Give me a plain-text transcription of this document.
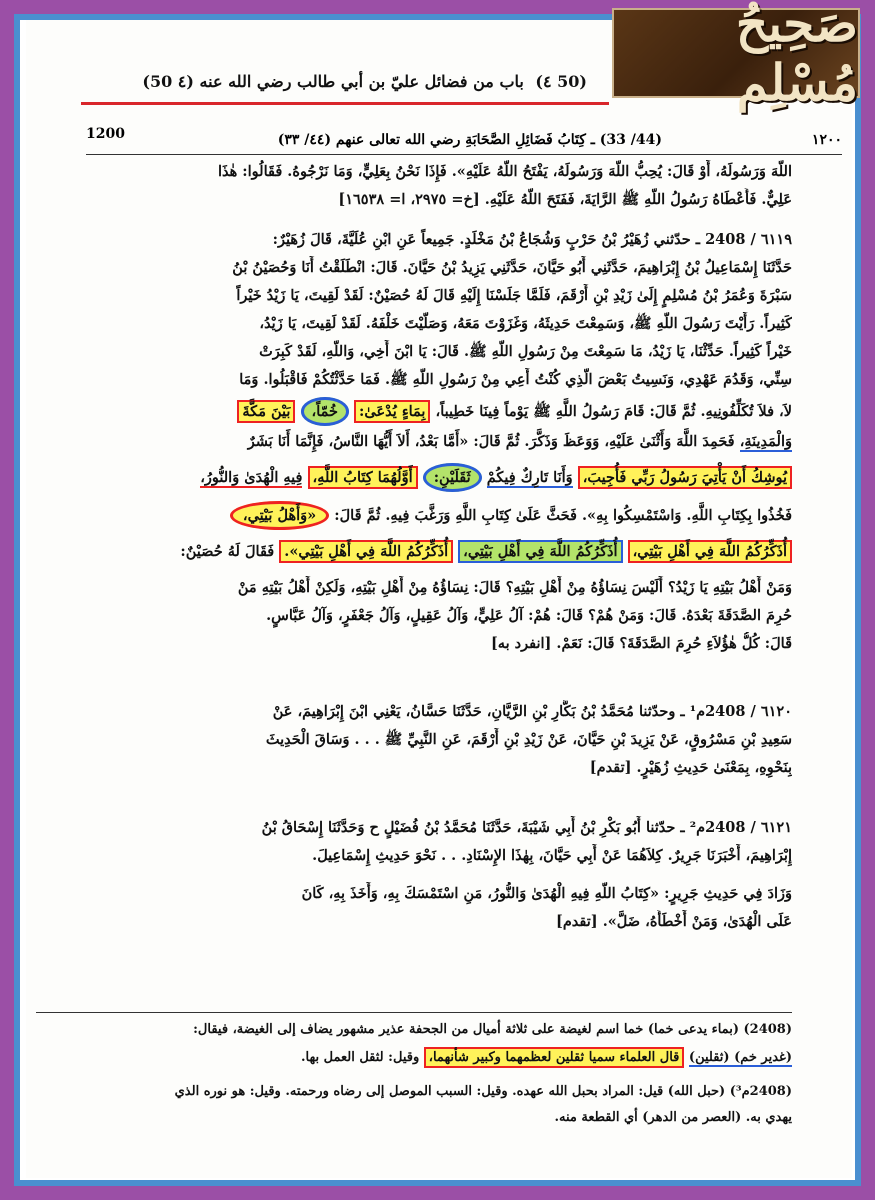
(50 ٤) باب من فضائل عليّ بن أبي طالب رضي الله عنه (٤ 50)
١٢٠٠
(44/ 33) ـ كِتَابُ فَضَائِلِ الصَّحَابَةِ رضي الله تعالى عنهم (٤٤/ ٣٣)
1200
اللَّهَ وَرَسُولَهُ، أَوْ قَالَ: يُحِبُّ اللَّهَ وَرَسُولَهُ، يَفْتَحُ اللَّهُ عَلَيْهِ». فَإِذَا نَحْنُ بِعَلِيٍّ، وَمَا نَرْجُوهُ. فَقَالُوا: هٰذَا
عَلِيٌّ. فَأَعْطَاهُ رَسُولُ اللَّهِ ﷺ الرَّايَةَ، فَفَتَحَ اللَّهُ عَلَيْهِ. [خ= ٢٩٧٥، ا= ١٦٥٣٨]
٦١١٩ / 2408 ـ حدّثني زُهَيْرُ بْنُ حَرْبٍ وَشُجَاعُ بْنُ مَخْلَدٍ. جَمِيعاً عَنِ ابْنِ عُلَيَّةَ، قَالَ زُهَيْرٌ:
حَدَّثَنَا إِسْمَاعِيلُ بْنُ إِبْرَاهِيمَ، حَدَّثَنِي أَبُو حَيَّانَ، حَدَّثَنِي يَزِيدُ بْنُ حَيَّانَ. قَالَ: انْطَلَقْتُ أَنَا وَحُصَيْنُ بْنُ
سَبْرَةَ وَعُمَرُ بْنُ مُسْلِمٍ إِلَىٰ زَيْدِ بْنِ أَرْقَمَ، فَلَمَّا جَلَسْنَا إِلَيْهِ قَالَ لَهُ حُصَيْنٌ: لَقَدْ لَقِيتَ، يَا زَيْدُ خَيْراً
كَثِيراً. رَأَيْتَ رَسُولَ اللَّهِ ﷺ، وَسَمِعْتَ حَدِيثَهُ، وَغَزَوْتَ مَعَهُ، وَصَلَّيْتَ خَلْفَهُ. لَقَدْ لَقِيتَ، يَا زَيْدُ،
خَيْراً كَثِيراً. حَدِّثْنَا، يَا زَيْدُ، مَا سَمِعْتَ مِنْ رَسُولِ اللَّهِ ﷺ. قَالَ: يَا ابْنَ أَخِي، وَاللَّهِ، لَقَدْ كَبِرَتْ
سِنِّي، وَقَدُمَ عَهْدِي، وَنَسِيتُ بَعْضَ الَّذِي كُنْتُ أَعِي مِنْ رَسُولِ اللَّهِ ﷺ. فَمَا حَدَّثْتُكُمْ فَاقْبَلُوا. وَمَا
لاَ، فلاَ تُكَلِّفُونِيهِ. ثُمَّ قَالَ: قَامَ رَسُولُ اللَّهِ ﷺ يَوْماً فِينَا خَطِيباً، بِمَاءٍ يُدْعَىٰ: خُمّاً، بَيْنَ مَكَّةَ
وَالْمَدِينَةِ، فَحَمِدَ اللَّهَ وَأَثْنَىٰ عَلَيْهِ، وَوَعَظَ وَذَكَّرَ. ثُمَّ قَالَ: «أَمَّا بَعْدُ، أَلاَ أَيُّهَا النَّاسُ، فَإِنَّمَا أَنَا بَشَرٌ
يُوشِكُ أَنْ يَأْتِيَ رَسُولُ رَبِّي فَأُجِيبَ، وَأَنَا تَارِكٌ فِيكُمْ ثَقَلَيْنِ: أَوَّلُهُمَا كِتَابُ اللَّهِ، فِيهِ الْهُدَىٰ وَالنُّورُ،
فَخُذُوا بِكِتَابِ اللَّهِ. وَاسْتَمْسِكُوا بِهِ». فَحَثَّ عَلَىٰ كِتَابِ اللَّهِ وَرَغَّبَ فِيهِ. ثُمَّ قَالَ: «وَأَهْلُ بَيْتِي،
أُذَكِّرُكُمُ اللَّهَ فِي أَهْلِ بَيْتِي، أُذَكِّرُكُمُ اللَّهَ فِي أَهْلِ بَيْتِي، أُذَكِّرُكُمُ اللَّهَ فِي أَهْلِ بَيْتِي». فَقَالَ لَهُ حُصَيْنٌ:
وَمَنْ أَهْلُ بَيْتِهِ يَا زَيْدُ؟ أَلَيْسَ نِسَاؤُهُ مِنْ أَهْلِ بَيْتِهِ؟ قَالَ: نِسَاؤُهُ مِنْ أَهْلِ بَيْتِهِ، وَلَكِنْ أَهْلُ بَيْتِهِ مَنْ
حُرِمَ الصَّدَقَةَ بَعْدَهُ. قَالَ: وَمَنْ هُمْ؟ قَالَ: هُمْ: آلُ عَلِيٍّ، وَآلُ عَقِيلٍ، وَآلُ جَعْفَرٍ، وَآلُ عَبَّاسٍ.
قَالَ: كُلُّ هٰؤُلاَءِ حُرِمَ الصَّدَقَةَ؟ قَالَ: نَعَمْ. [انفرد به]
٦١٢٠ / 2408م¹ ـ وحدّثنا مُحَمَّدُ بْنُ بَكَّارِ بْنِ الرَّيَّانِ، حَدَّثَنَا حَسَّانُ، يَعْنِي ابْنَ إِبْرَاهِيمَ، عَنْ
سَعِيدِ بْنِ مَسْرُوقٍ، عَنْ يَزِيدَ بْنِ حَيَّانَ، عَنْ زَيْدِ بْنِ أَرْقَمَ، عَنِ النَّبِيِّ ﷺ . . . وَسَاقَ الْحَدِيثَ
بِنَحْوِهِ، بِمَعْنَىٰ حَدِيثِ زُهَيْرٍ. [تقدم]
٦١٢١ / 2408م² ـ حدّثنا أَبُو بَكْرِ بْنُ أَبِي شَيْبَةَ، حَدَّثَنَا مُحَمَّدُ بْنُ فُضَيْلٍ ح وَحَدَّثَنَا إِسْحَاقُ بْنُ
إِبْرَاهِيمَ، أَخْبَرَنَا جَرِيرٌ. كِلاَهُمَا عَنْ أَبِي حَيَّانَ، بِهٰذَا الإِسْنَادِ. . . نَحْوَ حَدِيثِ إِسْمَاعِيلَ.
وَزَادَ فِي حَدِيثِ جَرِيرٍ: «كِتَابُ اللَّهِ فِيهِ الْهُدَىٰ وَالنُّورُ، مَنِ اسْتَمْسَكَ بِهِ، وَأَخَذَ بِهِ، كَانَ
عَلَى الْهُدَىٰ، وَمَنْ أَخْطَأَهُ، ضَلَّ». [تقدم]
(2408) (بماء يدعى خما) خما اسم لغيضة على ثلاثة أميال من الجحفة عذير مشهور يضاف إلى الغيضة، فيقال:
(غدير خم) (ثقلين) قال العلماء سميا ثقلين لعظمهما وكبير شأنهما، وقيل: لثقل العمل بها.
(2408م³) (حبل الله) قيل: المراد بحبل الله عهده. وقيل: السبب الموصل إلى رضاه ورحمته. وقيل: هو نوره الذي
يهدي به. (العصر من الدهر) أي القطعة منه.
صَحِيحُ مُسْلِم
